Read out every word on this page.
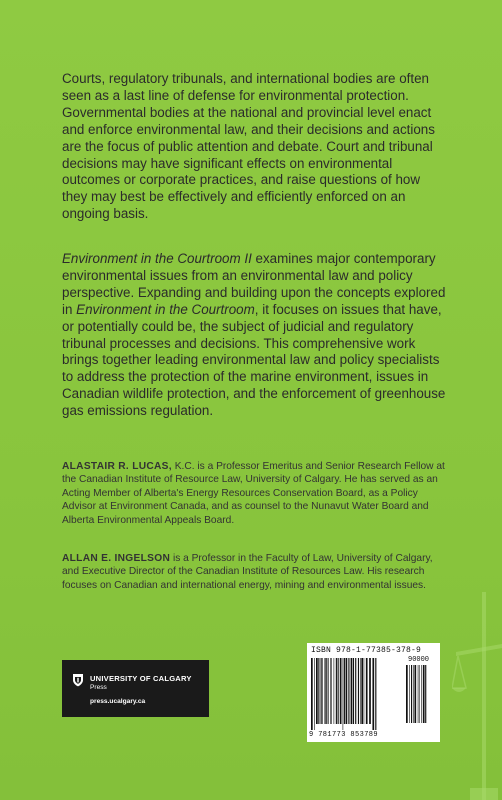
Courts, regulatory tribunals, and international bodies are often seen as a last line of defense for environmental protection. Governmental bodies at the national and provincial level enact and enforce environmental law, and their decisions and actions are the focus of public attention and debate. Court and tribunal decisions may have significant effects on environmental outcomes or corporate practices, and raise questions of how they may best be effectively and efficiently enforced on an ongoing basis.

Environment in the Courtroom II examines major contemporary environmental issues from an environmental law and policy perspective. Expanding and building upon the concepts explored in Environment in the Courtroom, it focuses on issues that have, or potentially could be, the subject of judicial and regulatory tribunal processes and decisions. This comprehensive work brings together leading environmental law and policy specialists to address the protection of the marine environment, issues in Canadian wildlife protection, and the enforcement of greenhouse gas emissions regulation.

ALASTAIR R. LUCAS, K.C. is a Professor Emeritus and Senior Research Fellow at the Canadian Institute of Resource Law, University of Calgary. He has served as an Acting Member of Alberta's Energy Resources Conservation Board, as a Policy Advisor at Environment Canada, and as counsel to the Nunavut Water Board and Alberta Environmental Appeals Board.

ALLAN E. INGELSON is a Professor in the Faculty of Law, University of Calgary, and Executive Director of the Canadian Institute of Resources Law. His research focuses on Canadian and international energy, mining and environmental issues.

UNIVERSITY OF CALGARY
Press
press.ucalgary.ca
ISBN 978-1-77385-378-9
90000
9 781773 853789
